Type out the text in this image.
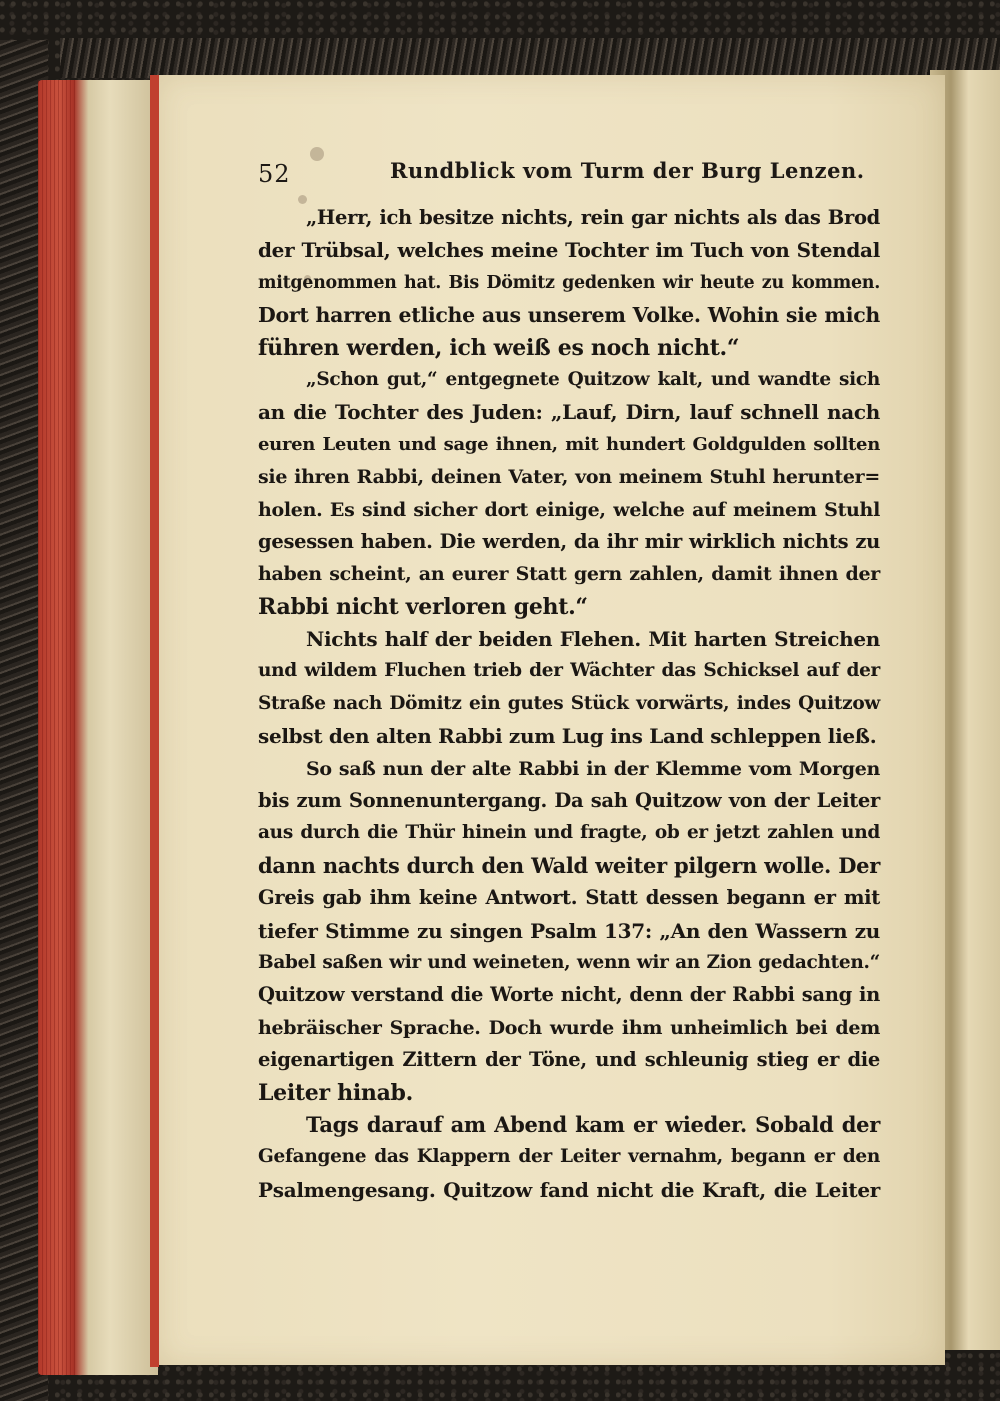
52	Rundblick vom Turm der Burg Lenzen.
„Herr, ich besitze nichts, rein gar nichts als das Brod
der Trübsal, welches meine Tochter im Tuch von Stendal
mitgenommen hat. Bis Dömitz gedenken wir heute zu kommen.
Dort harren etliche aus unserem Volke. Wohin sie mich
führen werden, ich weiß es noch nicht.“
„Schon gut,“ entgegnete Quitzow kalt, und wandte sich
an die Tochter des Juden: „Lauf, Dirn, lauf schnell nach
euren Leuten und sage ihnen, mit hundert Goldgulden sollten
sie ihren Rabbi, deinen Vater, von meinem Stuhl herunter=
holen. Es sind sicher dort einige, welche auf meinem Stuhl
gesessen haben. Die werden, da ihr mir wirklich nichts zu
haben scheint, an eurer Statt gern zahlen, damit ihnen der
Rabbi nicht verloren geht.“
Nichts half der beiden Flehen. Mit harten Streichen
und wildem Fluchen trieb der Wächter das Schicksel auf der
Straße nach Dömitz ein gutes Stück vorwärts, indes Quitzow
selbst den alten Rabbi zum Lug ins Land schleppen ließ.
So saß nun der alte Rabbi in der Klemme vom Morgen
bis zum Sonnenuntergang. Da sah Quitzow von der Leiter
aus durch die Thür hinein und fragte, ob er jetzt zahlen und
dann nachts durch den Wald weiter pilgern wolle. Der
Greis gab ihm keine Antwort. Statt dessen begann er mit
tiefer Stimme zu singen Psalm 137: „An den Wassern zu
Babel saßen wir und weineten, wenn wir an Zion gedachten.“
Quitzow verstand die Worte nicht, denn der Rabbi sang in
hebräischer Sprache. Doch wurde ihm unheimlich bei dem
eigenartigen Zittern der Töne, und schleunig stieg er die
Leiter hinab.
Tags darauf am Abend kam er wieder. Sobald der
Gefangene das Klappern der Leiter vernahm, begann er den
Psalmengesang. Quitzow fand nicht die Kraft, die Leiter
